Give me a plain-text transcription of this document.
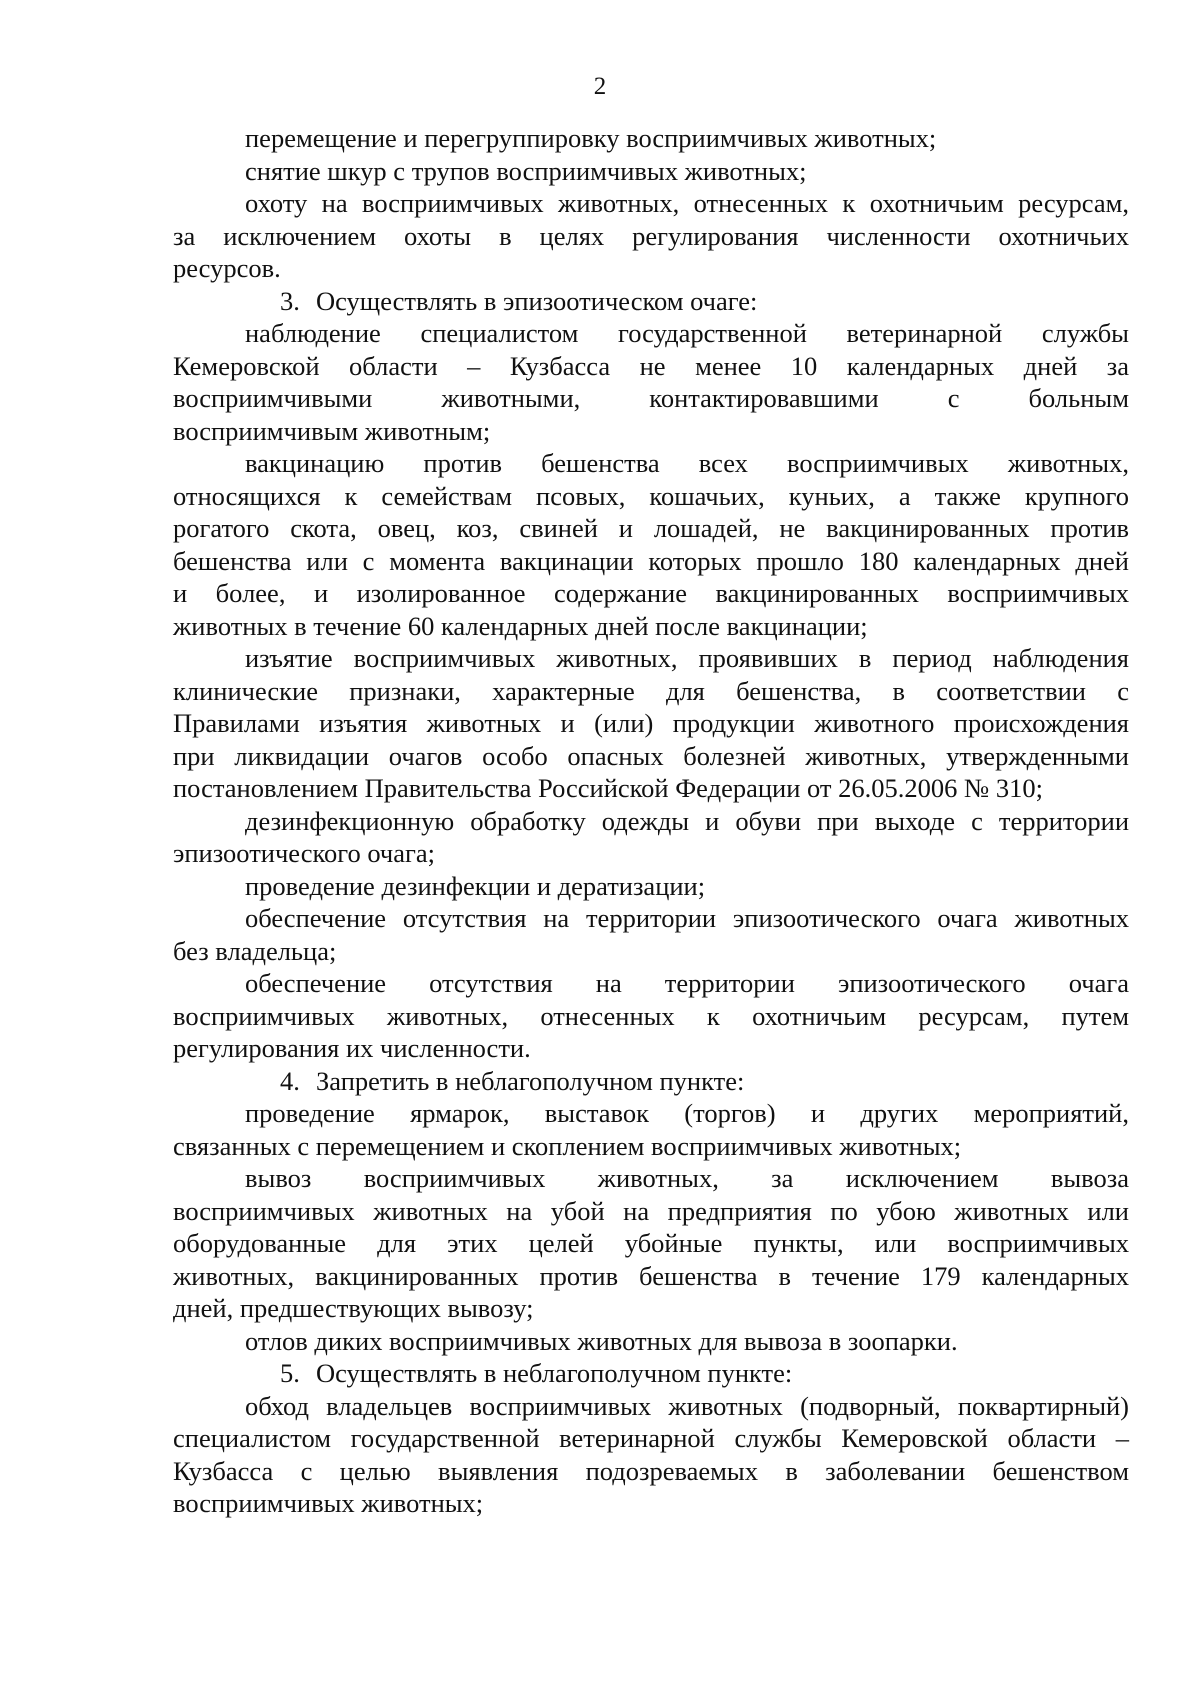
2
перемещение и перегруппировку восприимчивых животных;
снятие шкур с трупов восприимчивых животных;
охоту на восприимчивых животных, отнесенных к охотничьим ресурсам,
за исключением охоты в целях регулирования численности охотничьих
ресурсов.
3. Осуществлять в эпизоотическом очаге:
наблюдение специалистом государственной ветеринарной службы
Кемеровской области – Кузбасса не менее 10 календарных дней за
восприимчивыми животными, контактировавшими с больным
восприимчивым животным;
вакцинацию против бешенства всех восприимчивых животных,
относящихся к семействам псовых, кошачьих, куньих, а также крупного
рогатого скота, овец, коз, свиней и лошадей, не вакцинированных против
бешенства или с момента вакцинации которых прошло 180 календарных дней
и более, и изолированное содержание вакцинированных восприимчивых
животных в течение 60 календарных дней после вакцинации;
изъятие восприимчивых животных, проявивших в период наблюдения
клинические признаки, характерные для бешенства, в соответствии с
Правилами изъятия животных и (или) продукции животного происхождения
при ликвидации очагов особо опасных болезней животных, утвержденными
постановлением Правительства Российской Федерации от 26.05.2006 № 310;
дезинфекционную обработку одежды и обуви при выходе с территории
эпизоотического очага;
проведение дезинфекции и дератизации;
обеспечение отсутствия на территории эпизоотического очага животных
без владельца;
обеспечение отсутствия на территории эпизоотического очага
восприимчивых животных, отнесенных к охотничьим ресурсам, путем
регулирования их численности.
4. Запретить в неблагополучном пункте:
проведение ярмарок, выставок (торгов) и других мероприятий,
связанных с перемещением и скоплением восприимчивых животных;
вывоз восприимчивых животных, за исключением вывоза
восприимчивых животных на убой на предприятия по убою животных или
оборудованные для этих целей убойные пункты, или восприимчивых
животных, вакцинированных против бешенства в течение 179 календарных
дней, предшествующих вывозу;
отлов диких восприимчивых животных для вывоза в зоопарки.
5. Осуществлять в неблагополучном пункте:
обход владельцев восприимчивых животных (подворный, поквартирный)
специалистом государственной ветеринарной службы Кемеровской области –
Кузбасса с целью выявления подозреваемых в заболевании бешенством
восприимчивых животных;
